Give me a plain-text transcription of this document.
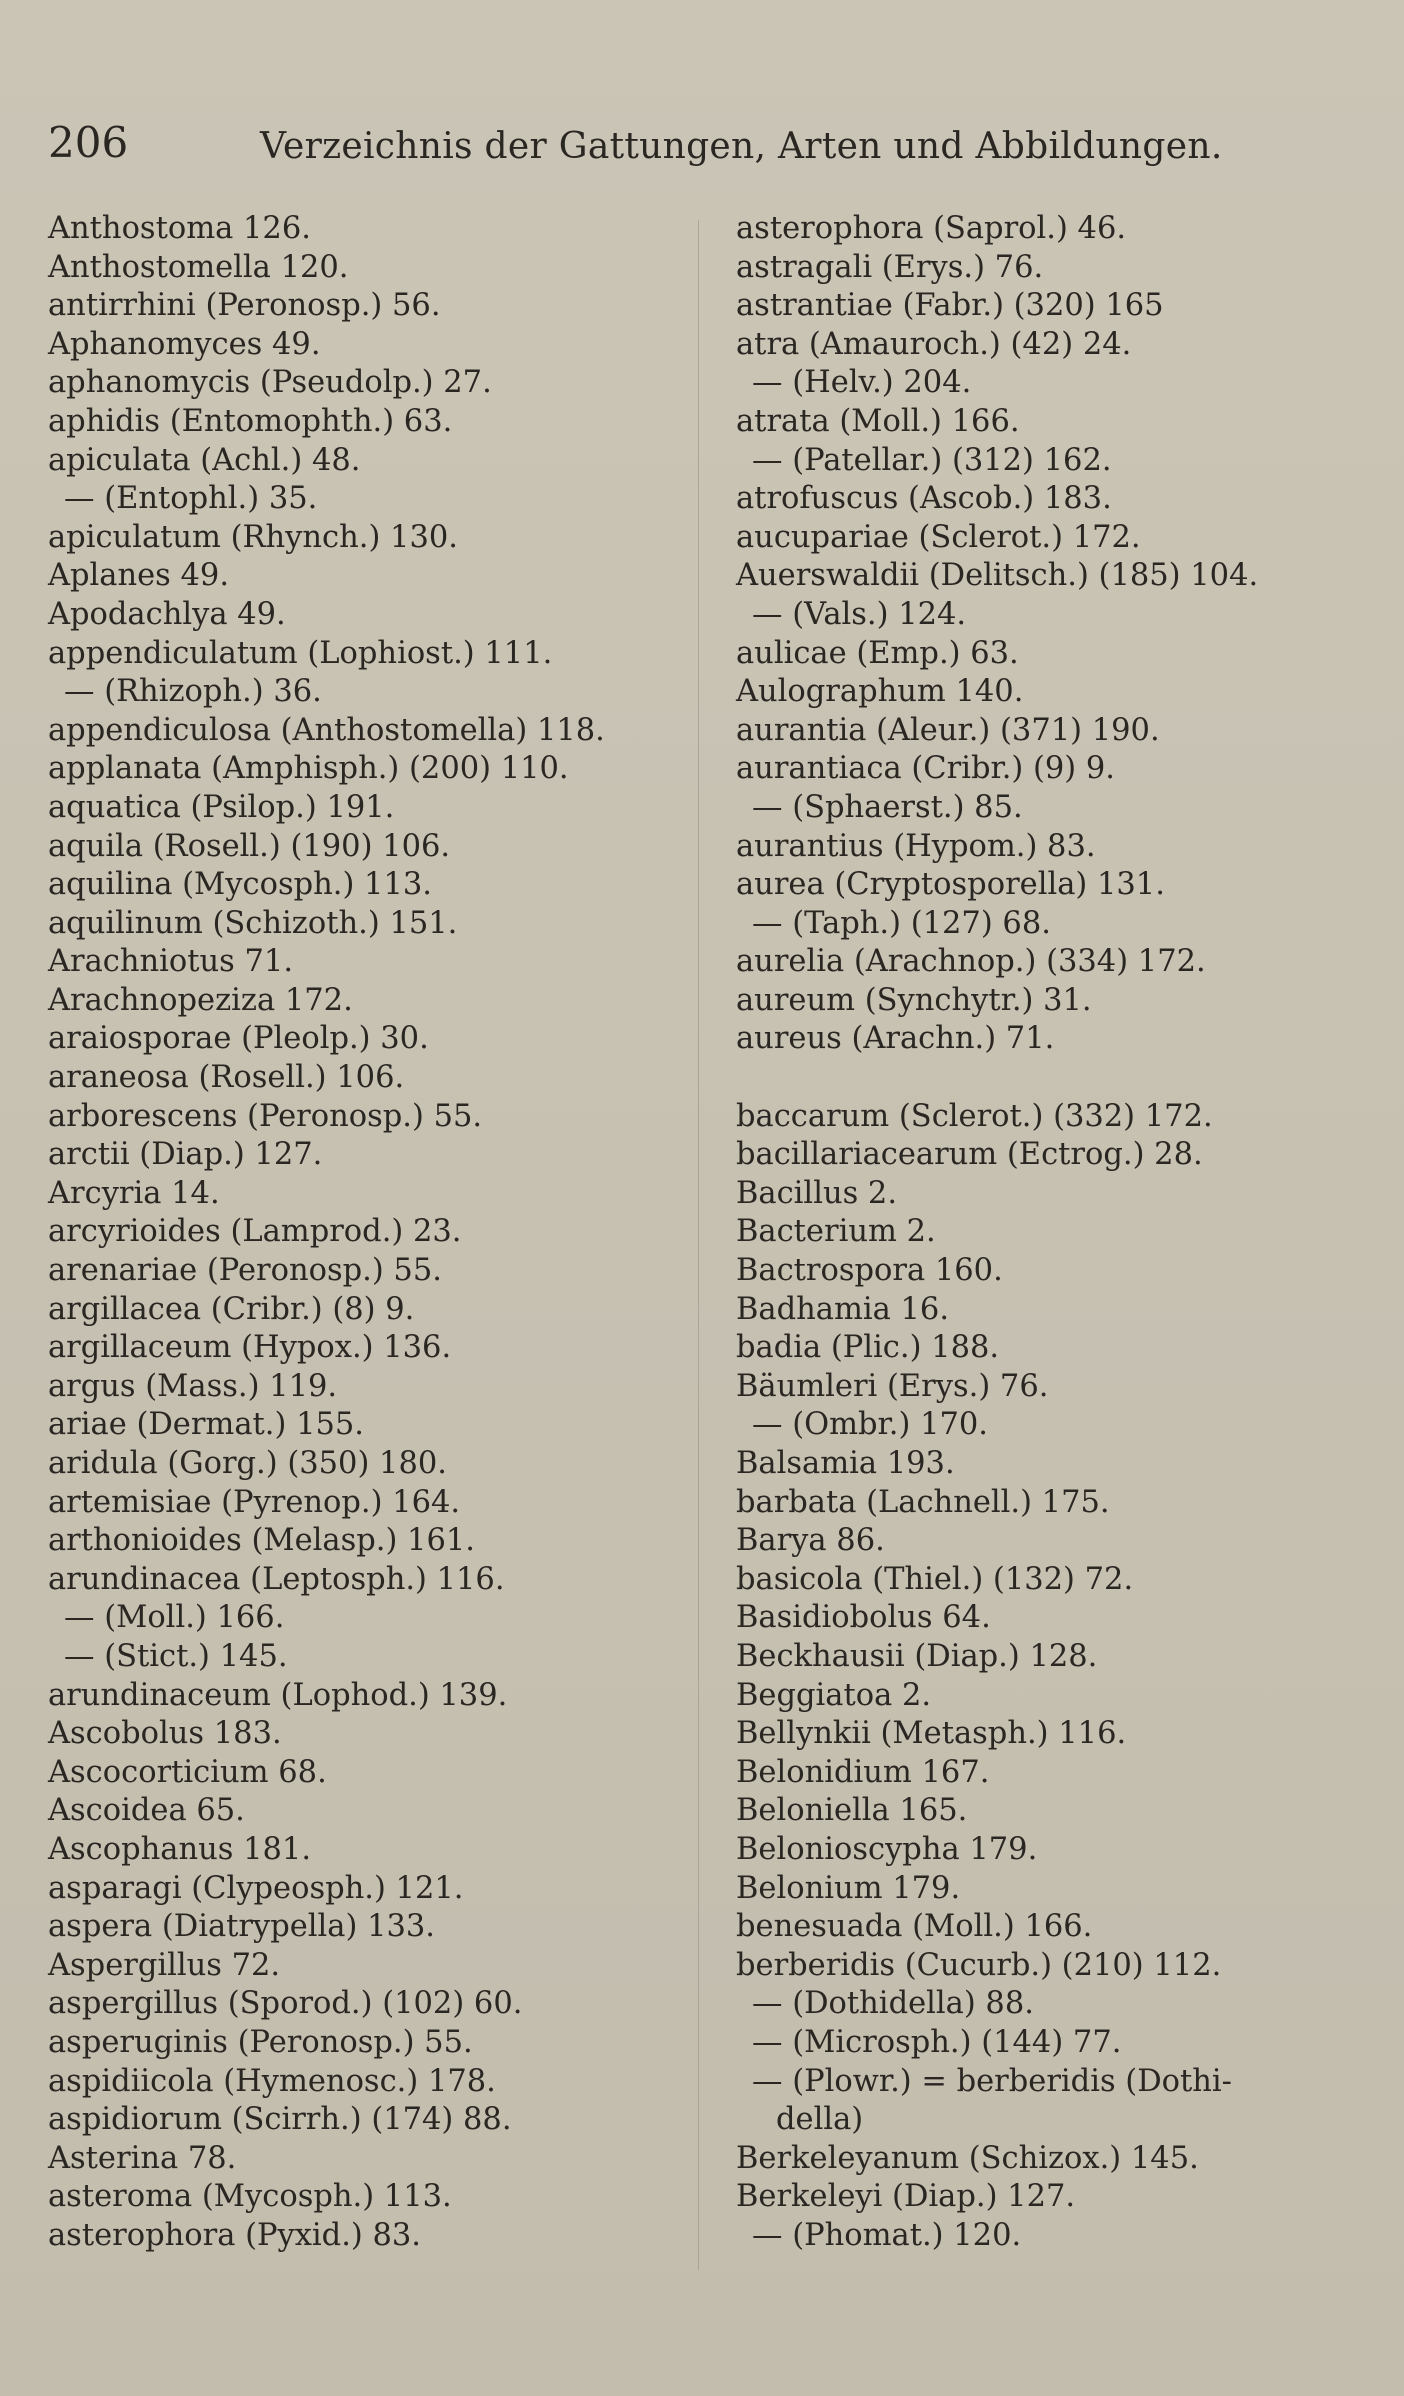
206	Verzeichnis der Gattungen, Arten und Abbildungen.
Anthostoma 126.
Anthostomella 120.
antirrhini (Peronosp.) 56.
Aphanomyces 49.
aphanomycis (Pseudolp.) 27.
aphidis (Entomophth.) 63.
apiculata (Achl.) 48.
— (Entophl.) 35.
apiculatum (Rhynch.) 130.
Aplanes 49.
Apodachlya 49.
appendiculatum (Lophiost.) 111.
— (Rhizoph.) 36.
appendiculosa (Anthostomella) 118.
applanata (Amphisph.) (200) 110.
aquatica (Psilop.) 191.
aquila (Rosell.) (190) 106.
aquilina (Mycosph.) 113.
aquilinum (Schizoth.) 151.
Arachniotus 71.
Arachnopeziza 172.
araiosporae (Pleolp.) 30.
araneosa (Rosell.) 106.
arborescens (Peronosp.) 55.
arctii (Diap.) 127.
Arcyria 14.
arcyrioides (Lamprod.) 23.
arenariae (Peronosp.) 55.
argillacea (Cribr.) (8) 9.
argillaceum (Hypox.) 136.
argus (Mass.) 119.
ariae (Dermat.) 155.
aridula (Gorg.) (350) 180.
artemisiae (Pyrenop.) 164.
arthonioides (Melasp.) 161.
arundinacea (Leptosph.) 116.
— (Moll.) 166.
— (Stict.) 145.
arundinaceum (Lophod.) 139.
Ascobolus 183.
Ascocorticium 68.
Ascoidea 65.
Ascophanus 181.
asparagi (Clypeosph.) 121.
aspera (Diatrypella) 133.
Aspergillus 72.
aspergillus (Sporod.) (102) 60.
asperuginis (Peronosp.) 55.
aspidiicola (Hymenosc.) 178.
aspidiorum (Scirrh.) (174) 88.
Asterina 78.
asteroma (Mycosph.) 113.
asterophora (Pyxid.) 83.
asterophora (Saprol.) 46.
astragali (Erys.) 76.
astrantiae (Fabr.) (320) 165
atra (Amauroch.) (42) 24.
— (Helv.) 204.
atrata (Moll.) 166.
— (Patellar.) (312) 162.
atrofuscus (Ascob.) 183.
aucupariae (Sclerot.) 172.
Auerswaldii (Delitsch.) (185) 104.
— (Vals.) 124.
aulicae (Emp.) 63.
Aulographum 140.
aurantia (Aleur.) (371) 190.
aurantiaca (Cribr.) (9) 9.
— (Sphaerst.) 85.
aurantius (Hypom.) 83.
aurea (Cryptosporella) 131.
— (Taph.) (127) 68.
aurelia (Arachnop.) (334) 172.
aureum (Synchytr.) 31.
aureus (Arachn.) 71.
baccarum (Sclerot.) (332) 172.
bacillariacearum (Ectrog.) 28.
Bacillus 2.
Bacterium 2.
Bactrospora 160.
Badhamia 16.
badia (Plic.) 188.
Bäumleri (Erys.) 76.
— (Ombr.) 170.
Balsamia 193.
barbata (Lachnell.) 175.
Barya 86.
basicola (Thiel.) (132) 72.
Basidiobolus 64.
Beckhausii (Diap.) 128.
Beggiatoa 2.
Bellynkii (Metasph.) 116.
Belonidium 167.
Beloniella 165.
Belonioscypha 179.
Belonium 179.
benesuada (Moll.) 166.
berberidis (Cucurb.) (210) 112.
— (Dothidella) 88.
— (Microsph.) (144) 77.
— (Plowr.) = berberidis (Dothi-
della)
Berkeleyanum (Schizox.) 145.
Berkeleyi (Diap.) 127.
— (Phomat.) 120.
